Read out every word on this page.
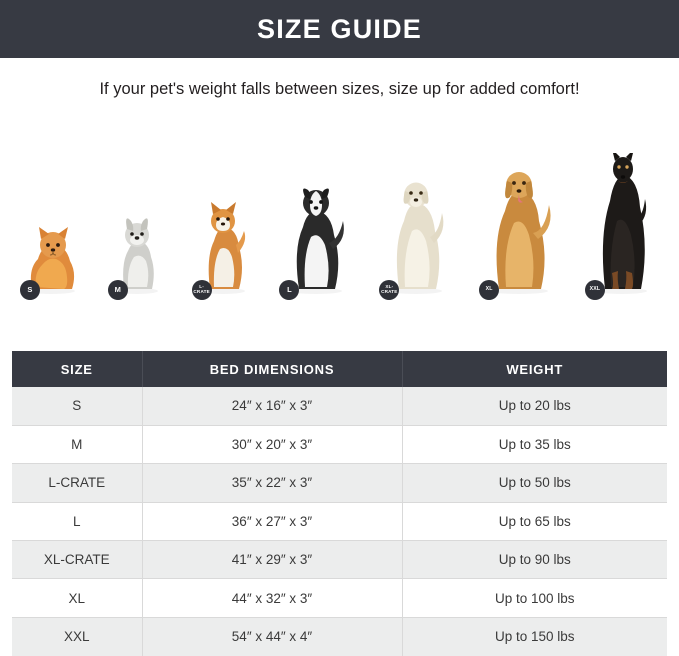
SIZE GUIDE
If your pet's weight falls between sizes, size up for added comfort!
S	M	L-CRATE	L	XL-CRATE	XL	XXL
SIZE	BED DIMENSIONS	WEIGHT
S	24″ x 16″ x 3″	Up to 20 lbs
M	30″ x 20″ x 3″	Up to 35 lbs
L-CRATE	35″ x 22″ x 3″	Up to 50 lbs
L	36″ x 27″ x 3″	Up to 65 lbs
XL-CRATE	41″ x 29″ x 3″	Up to 90 lbs
XL	44″ x 32″ x 3″	Up to 100 lbs
XXL	54″ x 44″ x 4″	Up to 150 lbs
